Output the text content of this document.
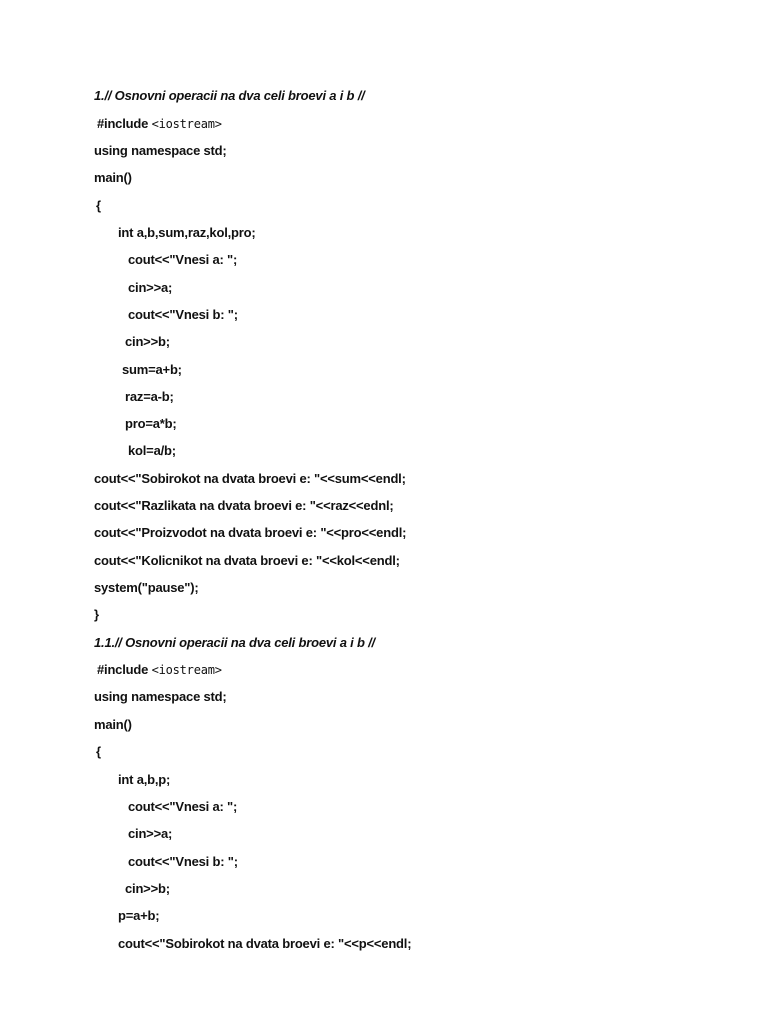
1.// Osnovni operacii na dva celi broevi a i b //
#include <iostream>
using namespace std;
main()
{
int a,b,sum,raz,kol,pro;
cout<<"Vnesi a: ";
cin>>a;
cout<<"Vnesi b: ";
cin>>b;
sum=a+b;
raz=a-b;
pro=a*b;
kol=a/b;
cout<<"Sobirokot na dvata broevi e: "<<sum<<endl;
cout<<"Razlikata na dvata broevi e: "<<raz<<ednl;
cout<<"Proizvodot na dvata broevi e: "<<pro<<endl;
cout<<"Kolicnikot na dvata broevi e: "<<kol<<endl;
system("pause");
}
1.1.// Osnovni operacii na dva celi broevi a i b //
#include <iostream>
using namespace std;
main()
{
int a,b,p;
cout<<"Vnesi a: ";
cin>>a;
cout<<"Vnesi b: ";
cin>>b;
p=a+b;
cout<<"Sobirokot na dvata broevi e: "<<p<<endl;
